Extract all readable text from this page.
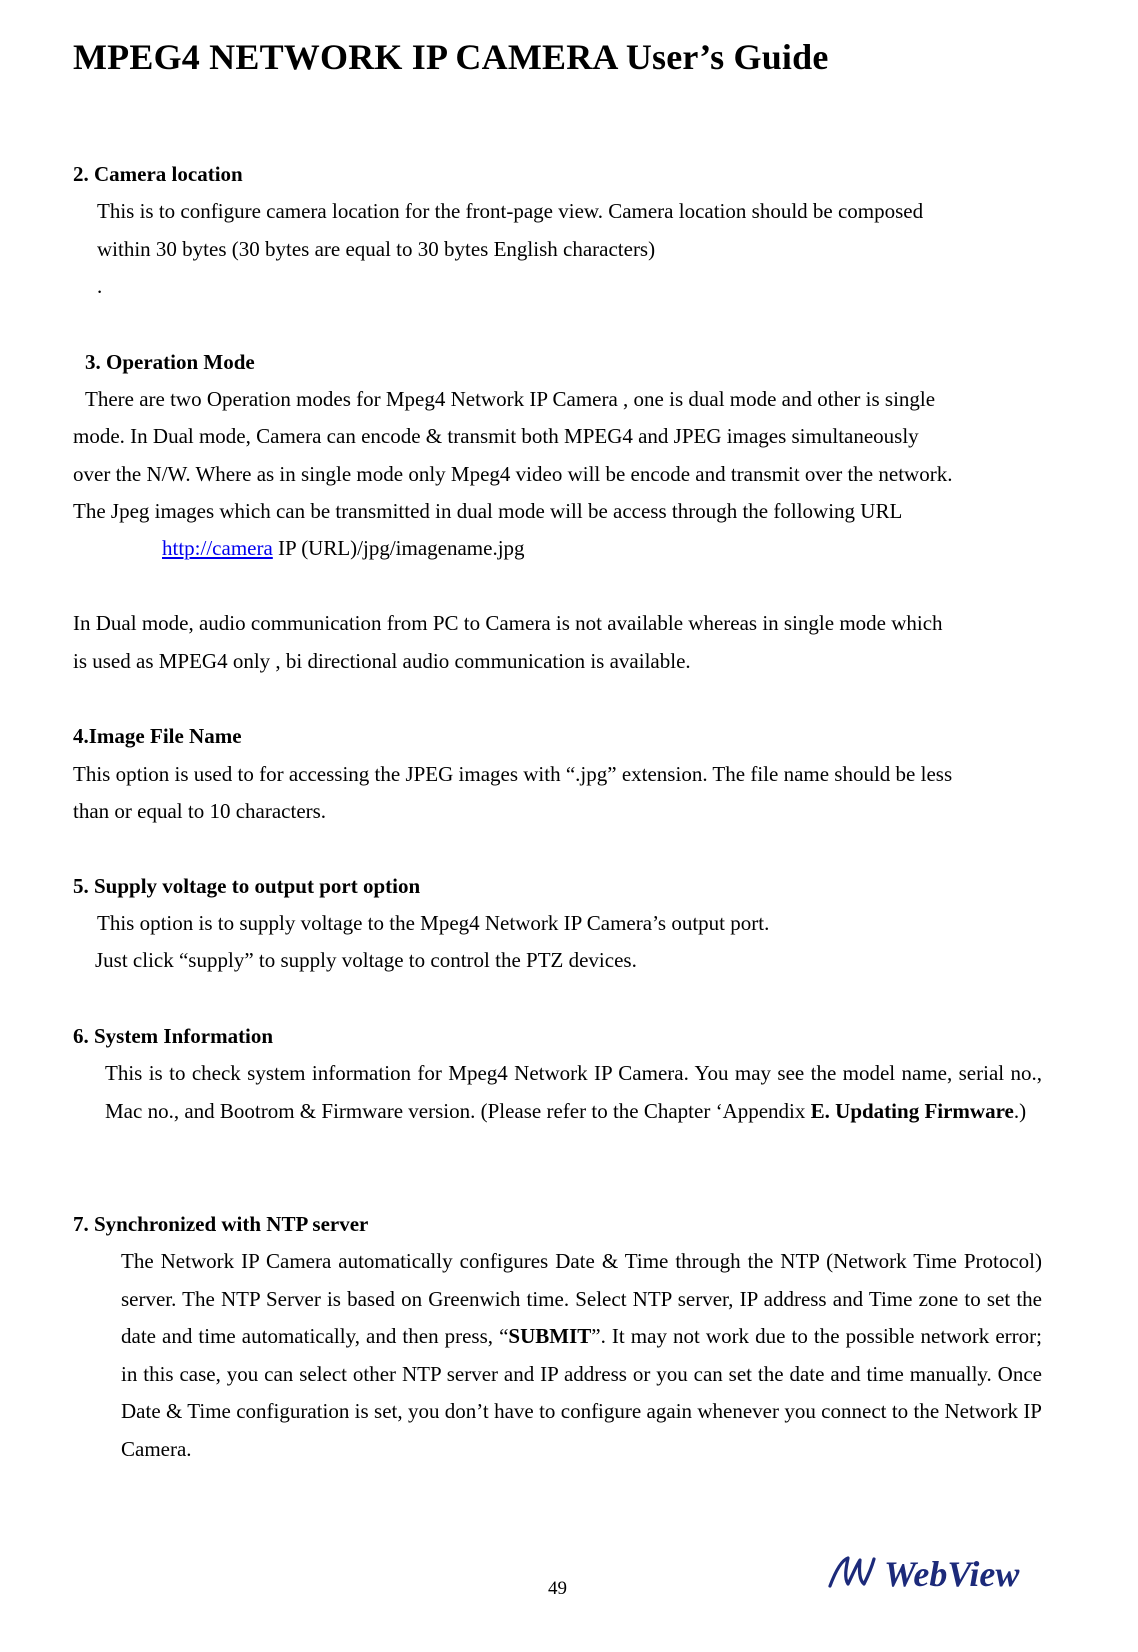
MPEG4 NETWORK IP CAMERA User’s Guide
2. Camera location
This is to configure camera location for the front-page view. Camera location should be composed
within 30 bytes (30 bytes are equal to 30 bytes English characters)
.
3. Operation Mode
There are two Operation modes for Mpeg4 Network IP Camera , one is dual mode and other is single
mode. In Dual mode, Camera can encode & transmit both MPEG4 and JPEG images simultaneously
over the N/W. Where as in single mode only Mpeg4 video will be encode and transmit over the network.
The Jpeg images which can be transmitted in dual mode will be access through the following URL
http://camera IP (URL)/jpg/imagename.jpg
In Dual mode, audio communication from PC to Camera is not available whereas in single mode which
is used as MPEG4 only , bi directional audio communication is available.
4.Image File Name
This option is used to for accessing the JPEG images with “.jpg” extension. The file name should be less
than or equal to 10 characters.
5. Supply voltage to output port option
This option is to supply voltage to the Mpeg4 Network IP Camera’s output port.
Just click “supply” to supply voltage to control the PTZ devices.
6. System Information
This is to check system information for Mpeg4 Network IP Camera. You may see the model name, serial no., Mac no., and Bootrom & Firmware version. (Please refer to the Chapter ‘Appendix E. Updating Firmware.)
7. Synchronized with NTP server
The Network IP Camera automatically configures Date & Time through the NTP (Network Time Protocol) server. The NTP Server is based on Greenwich time. Select NTP server, IP address and Time zone to set the date and time automatically, and then press, “SUBMIT”. It may not work due to the possible network error; in this case, you can select other NTP server and IP address or you can set the date and time manually. Once Date & Time configuration is set, you don’t have to configure again whenever you connect to the Network IP Camera.
49	WebView
